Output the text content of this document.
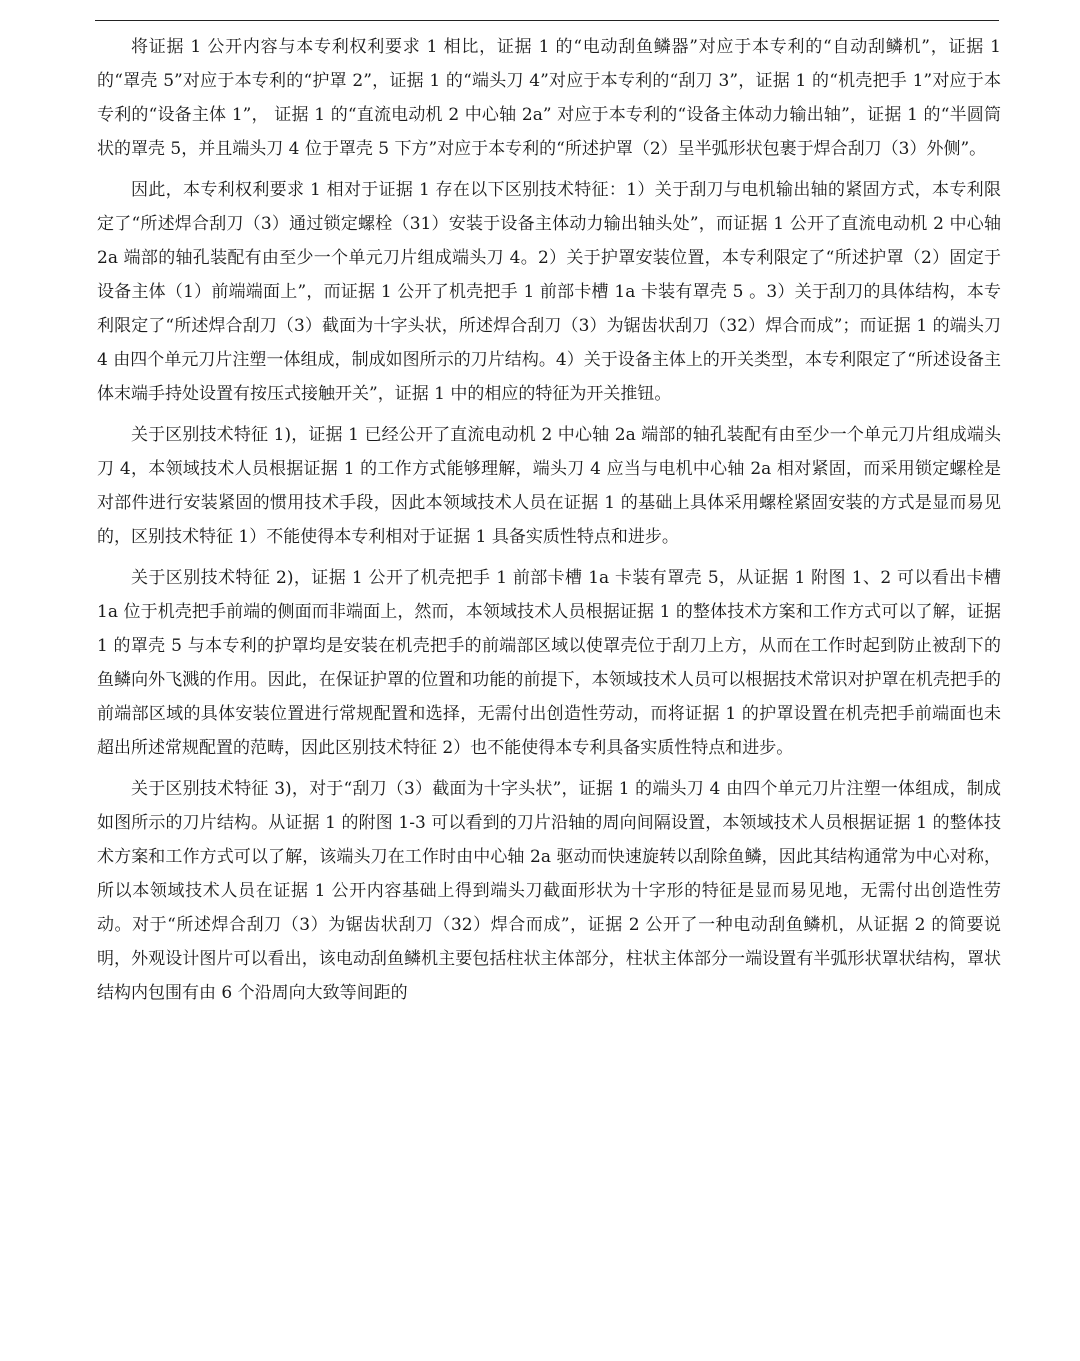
将证据 1 公开内容与本专利权利要求 1 相比，证据 1 的“电动刮鱼鳞器”对应于本专利的“自动刮鳞机”，证据 1 的“罩壳 5”对应于本专利的“护罩 2”，证据 1 的“端头刀 4”对应于本专利的“刮刀 3”，证据 1 的“机壳把手 1”对应于本专利的“设备主体 1”， 证据 1 的“直流电动机 2 中心轴 2a” 对应于本专利的“设备主体动力输出轴”，证据 1 的“半圆筒状的罩壳 5，并且端头刀 4 位于罩壳 5 下方”对应于本专利的“所述护罩（2）呈半弧形状包裹于焊合刮刀（3）外侧”。

因此，本专利权利要求 1 相对于证据 1 存在以下区别技术特征：1）关于刮刀与电机输出轴的紧固方式，本专利限定了“所述焊合刮刀（3）通过锁定螺栓（31）安装于设备主体动力输出轴头处”，而证据 1 公开了直流电动机 2 中心轴 2a 端部的轴孔装配有由至少一个单元刀片组成端头刀 4。2）关于护罩安装位置，本专利限定了“所述护罩（2）固定于设备主体（1）前端端面上”，而证据 1 公开了机壳把手 1 前部卡槽 1a 卡装有罩壳 5 。3）关于刮刀的具体结构，本专利限定了“所述焊合刮刀（3）截面为十字头状，所述焊合刮刀（3）为锯齿状刮刀（32）焊合而成”；而证据 1 的端头刀 4 由四个单元刀片注塑一体组成，制成如图所示的刀片结构。4）关于设备主体上的开关类型，本专利限定了“所述设备主体末端手持处设置有按压式接触开关”，证据 1 中的相应的特征为开关推钮。

关于区别技术特征 1)，证据 1 已经公开了直流电动机 2 中心轴 2a 端部的轴孔装配有由至少一个单元刀片组成端头刀 4，本领域技术人员根据证据 1 的工作方式能够理解，端头刀 4 应当与电机中心轴 2a 相对紧固，而采用锁定螺栓是对部件进行安装紧固的惯用技术手段，因此本领域技术人员在证据 1 的基础上具体采用螺栓紧固安装的方式是显而易见的，区别技术特征 1）不能使得本专利相对于证据 1 具备实质性特点和进步。

关于区别技术特征 2)，证据 1 公开了机壳把手 1 前部卡槽 1a 卡装有罩壳 5，从证据 1 附图 1、2 可以看出卡槽 1a 位于机壳把手前端的侧面而非端面上，然而，本领域技术人员根据证据 1 的整体技术方案和工作方式可以了解，证据 1 的罩壳 5 与本专利的护罩均是安装在机壳把手的前端部区域以使罩壳位于刮刀上方，从而在工作时起到防止被刮下的鱼鳞向外飞溅的作用。因此，在保证护罩的位置和功能的前提下，本领域技术人员可以根据技术常识对护罩在机壳把手的前端部区域的具体安装位置进行常规配置和选择，无需付出创造性劳动，而将证据 1 的护罩设置在机壳把手前端面也未超出所述常规配置的范畴，因此区别技术特征 2）也不能使得本专利具备实质性特点和进步。

关于区别技术特征 3)，对于“刮刀（3）截面为十字头状”，证据 1 的端头刀 4 由四个单元刀片注塑一体组成，制成如图所示的刀片结构。从证据 1 的附图 1-3 可以看到的刀片沿轴的周向间隔设置，本领域技术人员根据证据 1 的整体技术方案和工作方式可以了解，该端头刀在工作时由中心轴 2a 驱动而快速旋转以刮除鱼鳞，因此其结构通常为中心对称，所以本领域技术人员在证据 1 公开内容基础上得到端头刀截面形状为十字形的特征是显而易见地，无需付出创造性劳动。对于“所述焊合刮刀（3）为锯齿状刮刀（32）焊合而成”，证据 2 公开了一种电动刮鱼鳞机，从证据 2 的简要说明，外观设计图片可以看出，该电动刮鱼鳞机主要包括柱状主体部分，柱状主体部分一端设置有半弧形状罩状结构，罩状结构内包围有由 6 个沿周向大致等间距的
